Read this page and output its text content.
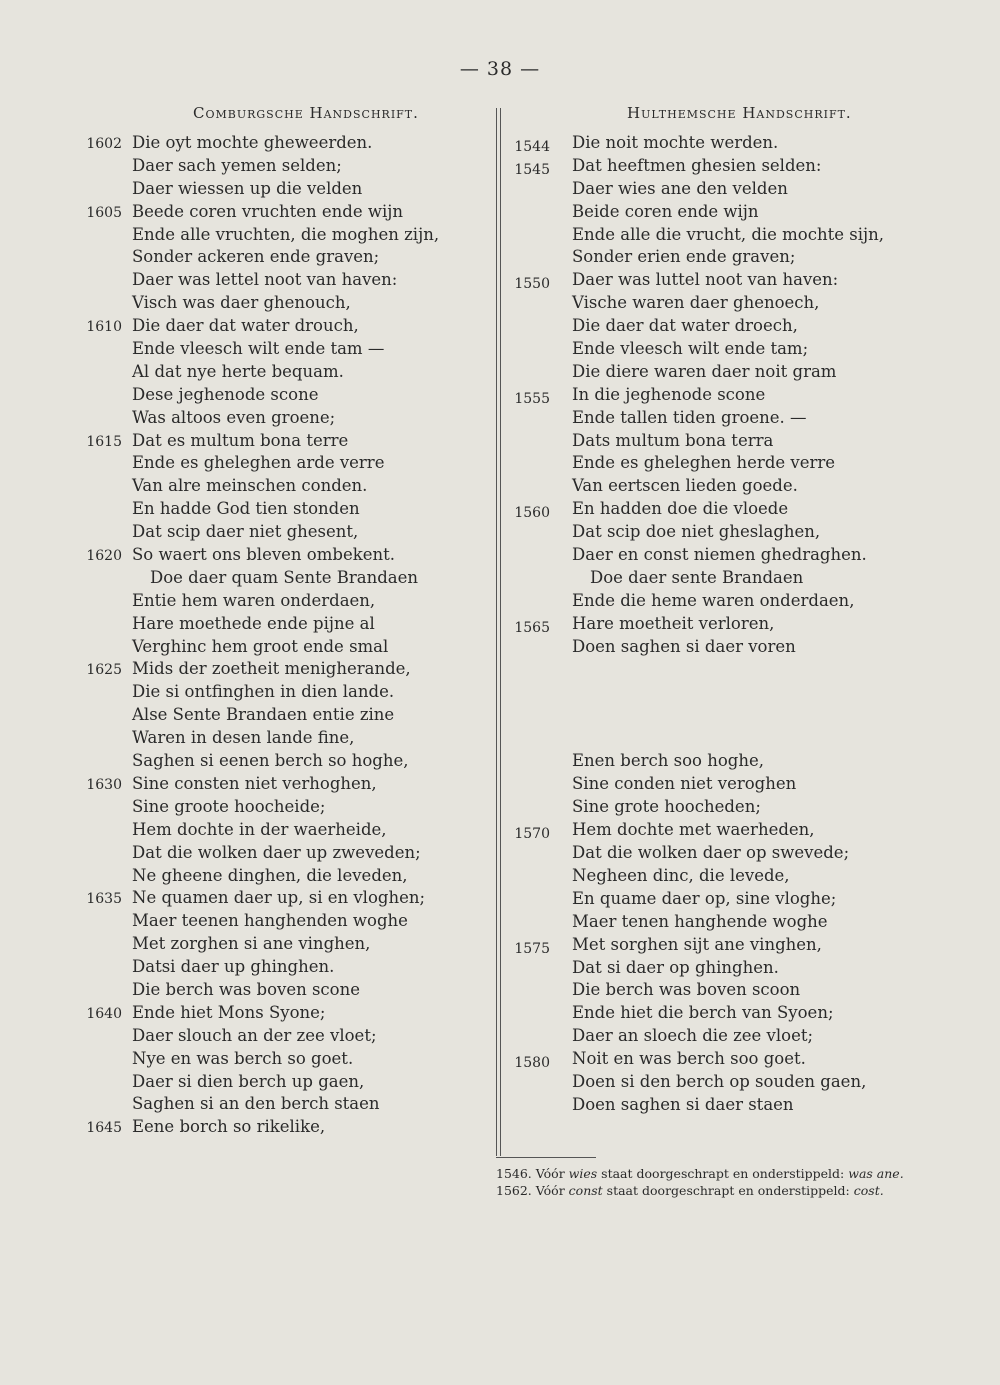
— 38 —
Comburgsche Handschrift.	Hulthemsche Handschrift.
1602 Die oyt mochte gheweerden.
Daer sach yemen selden;
Daer wiessen up die velden
1605 Beede coren vruchten ende wijn
Ende alle vruchten, die moghen zijn,
Sonder ackeren ende graven;
Daer was lettel noot van haven:
Visch was daer ghenouch,
1610 Die daer dat water drouch,
Ende vleesch wilt ende tam —
Al dat nye herte bequam.
Dese jeghenode scone
Was altoos even groene;
1615 Dat es multum bona terre
Ende es gheleghen arde verre
Van alre meinschen conden.
En hadde God tien stonden
Dat scip daer niet ghesent,
1620 So waert ons bleven ombekent.
Doe daer quam Sente Brandaen
Entie hem waren onderdaen,
Hare moethede ende pijne al
Verghinc hem groot ende smal
1625 Mids der zoetheit menigherande,
Die si ontfinghen in dien lande.
Alse Sente Brandaen entie zine
Waren in desen lande fine,
Saghen si eenen berch so hoghe,
1630 Sine consten niet verhoghen,
Sine groote hoocheide;
Hem dochte in der waerheide,
Dat die wolken daer up zweveden;
Ne gheene dinghen, die leveden,
1635 Ne quamen daer up, si en vloghen;
Maer teenen hanghenden woghe
Met zorghen si ane vinghen,
Datsi daer up ghinghen.
Die berch was boven scone
1640 Ende hiet Mons Syone;
Daer slouch an der zee vloet;
Nye en was berch so goet.
Daer si dien berch up gaen,
Saghen si an den berch staen
1645 Eene borch so rikelike,
1544 Die noit mochte werden.
1545 Dat heeftmen ghesien selden:
Daer wies ane den velden
Beide coren ende wijn
Ende alle die vrucht, die mochte sijn,
Sonder erien ende graven;
1550 Daer was luttel noot van haven:
Vische waren daer ghenoech,
Die daer dat water droech,
Ende vleesch wilt ende tam;
Die diere waren daer noit gram
1555 In die jeghenode scone
Ende tallen tiden groene. —
Dats multum bona terra
Ende es gheleghen herde verre
Van eertscen lieden goede.
1560 En hadden doe die vloede
Dat scip doe niet gheslaghen,
Daer en const niemen ghedraghen.
Doe daer sente Brandaen
Ende die heme waren onderdaen,
1565 Hare moetheit verloren,
Doen saghen si daer voren
Enen berch soo hoghe,
Sine conden niet veroghen
Sine grote hoocheden;
1570 Hem dochte met waerheden,
Dat die wolken daer op swevede;
Negheen dinc, die levede,
En quame daer op, sine vloghe;
Maer tenen hanghende woghe
1575 Met sorghen sijt ane vinghen,
Dat si daer op ghinghen.
Die berch was boven scoon
Ende hiet die berch van Syoen;
Daer an sloech die zee vloet;
1580 Noit en was berch soo goet.
Doen si den berch op souden gaen,
Doen saghen si daer staen
1546. Vóór wies staat doorgeschrapt en onderstippeld: was ane.
1562. Vóór const staat doorgeschrapt en onderstippeld: cost.
